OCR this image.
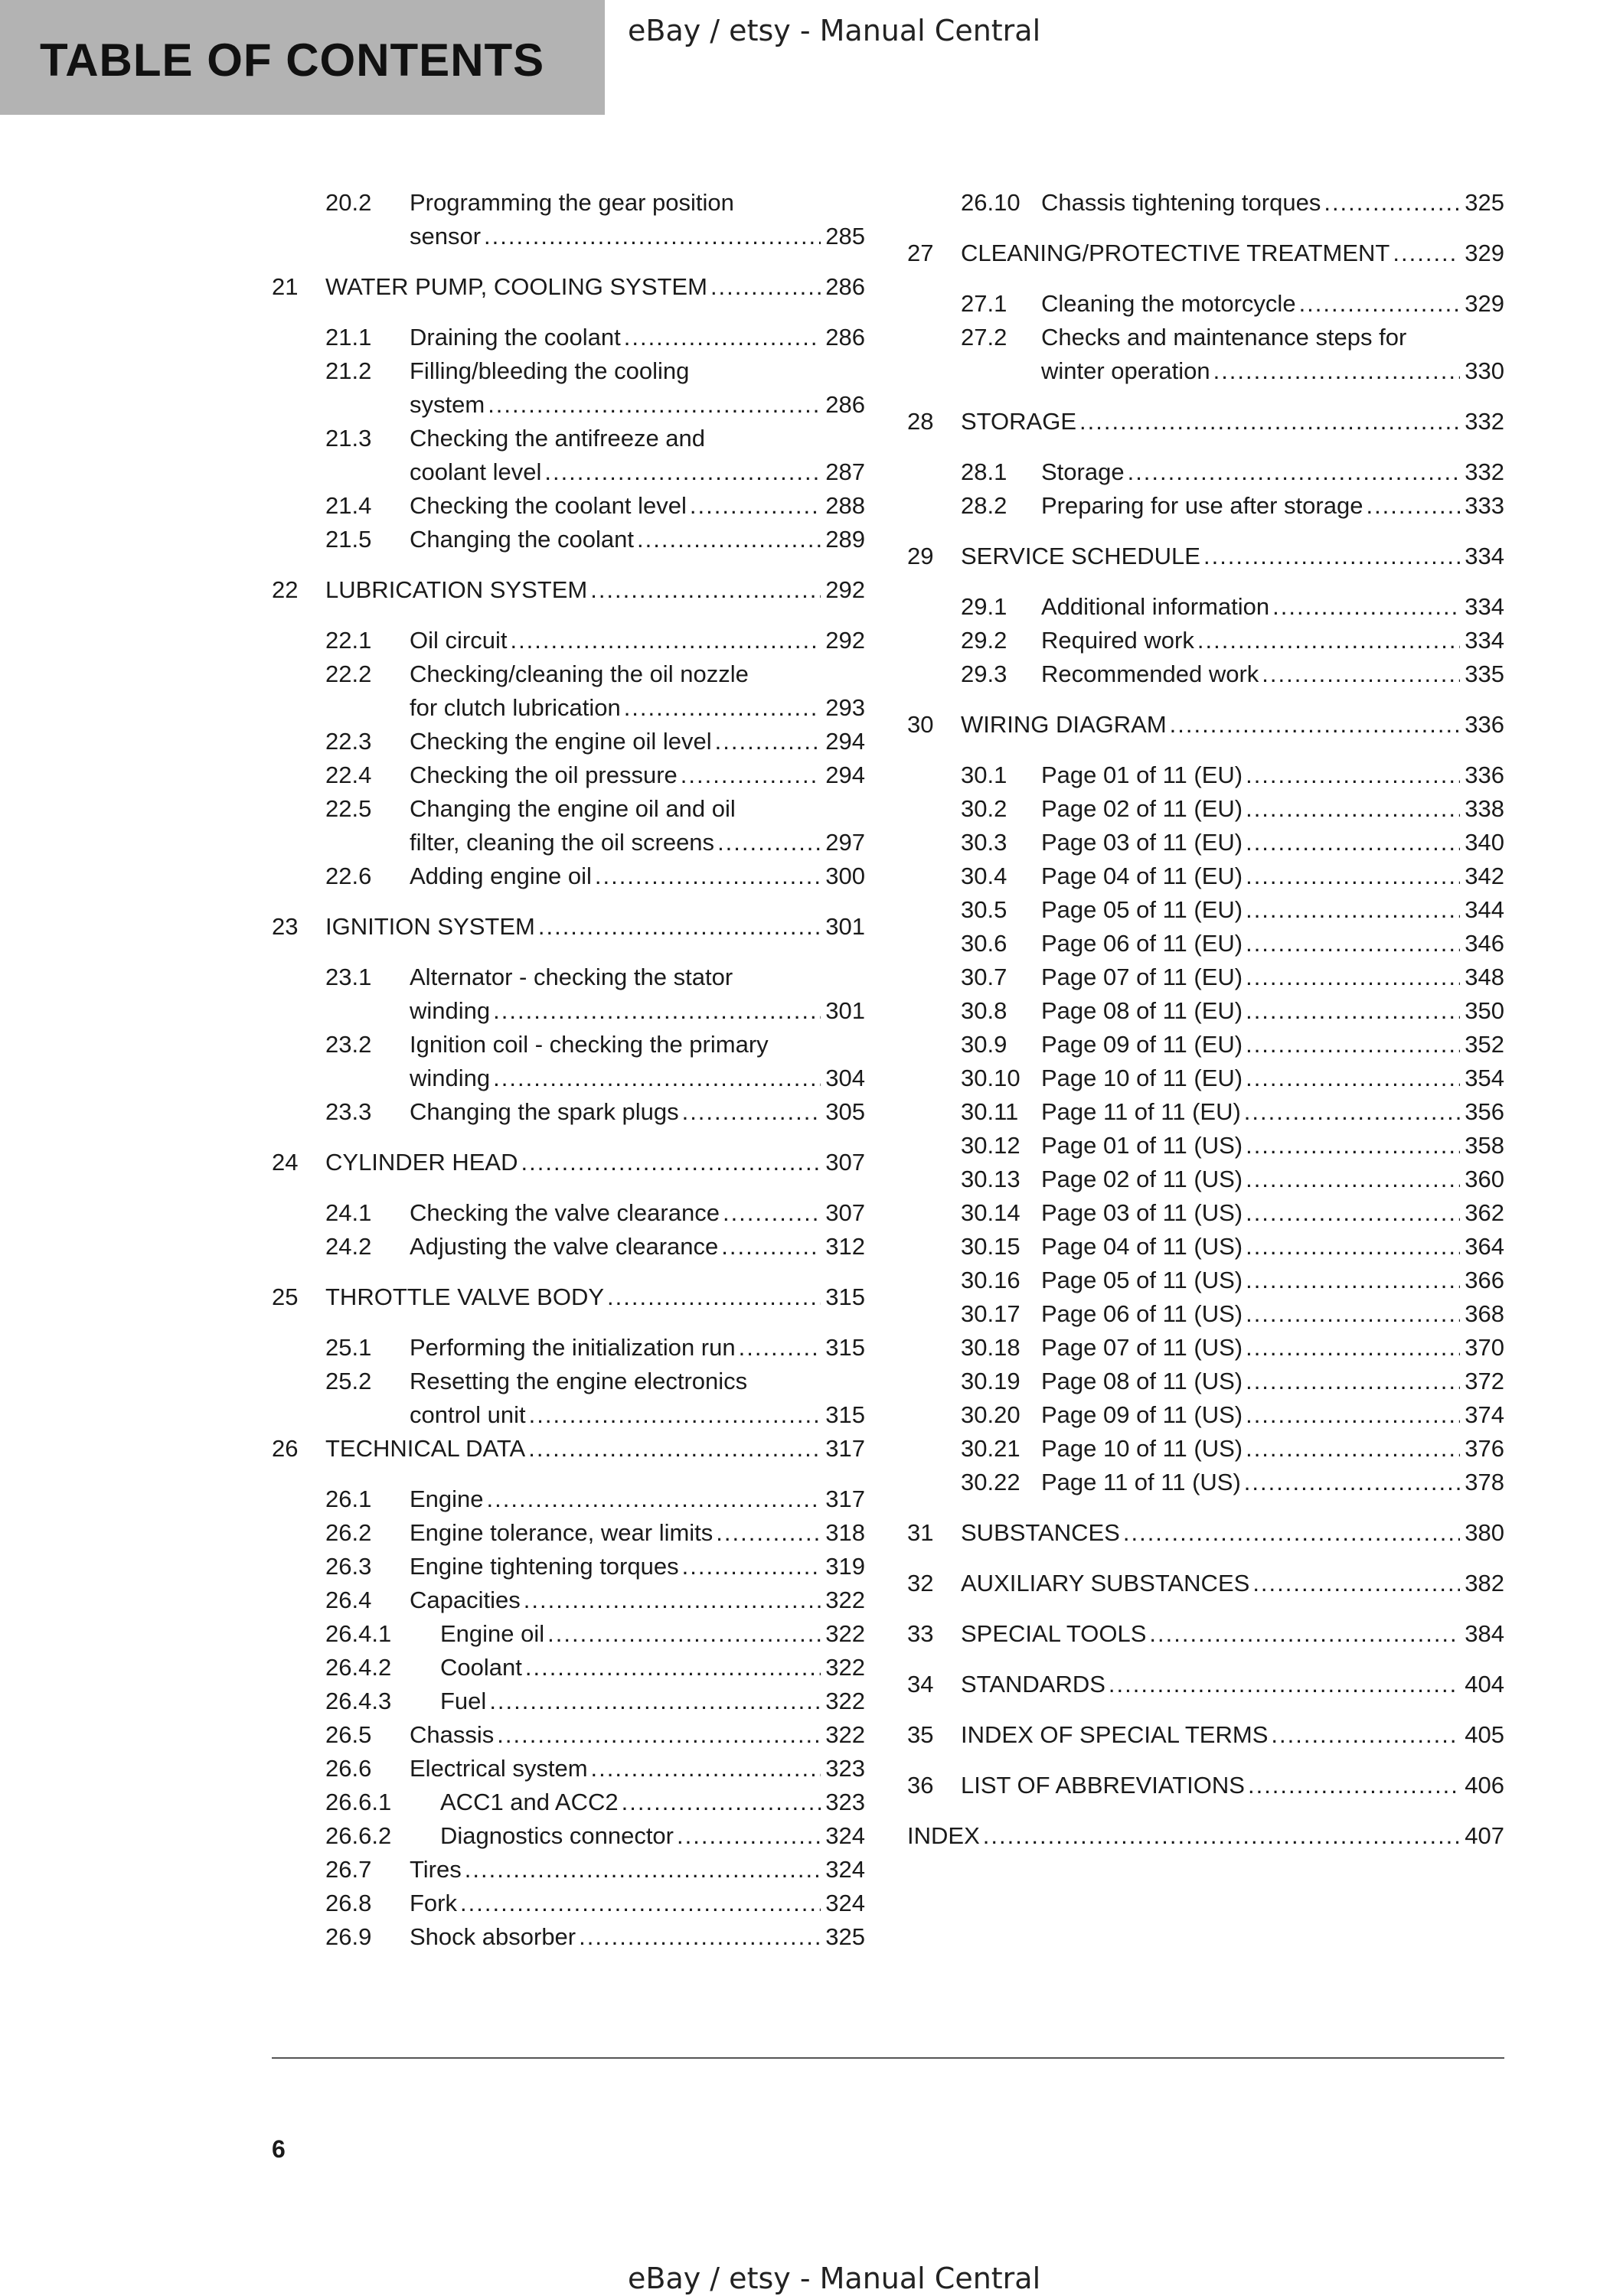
TABLE OF CONTENTS
eBay / etsy - Manual Central
20.2 Programming the gear position
sensor .....	285
21 WATER PUMP, COOLING SYSTEM .....	286
21.1 Draining the coolant .....	286
21.2 Filling/bleeding the cooling
system .....	286
21.3 Checking the antifreeze and
coolant level .....	287
21.4 Checking the coolant level .....	288
21.5 Changing the coolant .....	289
22 LUBRICATION SYSTEM .....	292
22.1 Oil circuit .....	292
22.2 Checking/cleaning the oil nozzle
for clutch lubrication .....	293
22.3 Checking the engine oil level .....	294
22.4 Checking the oil pressure .....	294
22.5 Changing the engine oil and oil
filter, cleaning the oil screens .....	297
22.6 Adding engine oil .....	300
23 IGNITION SYSTEM .....	301
23.1 Alternator - checking the stator
winding .....	301
23.2 Ignition coil - checking the primary
winding .....	304
23.3 Changing the spark plugs .....	305
24 CYLINDER HEAD .....	307
24.1 Checking the valve clearance .....	307
24.2 Adjusting the valve clearance .....	312
25 THROTTLE VALVE BODY .....	315
25.1 Performing the initialization run .....	315
25.2 Resetting the engine electronics
control unit .....	315
26 TECHNICAL DATA .....	317
26.1 Engine .....	317
26.2 Engine tolerance, wear limits .....	318
26.3 Engine tightening torques .....	319
26.4 Capacities .....	322
26.4.1 Engine oil .....	322
26.4.2 Coolant .....	322
26.4.3 Fuel .....	322
26.5 Chassis .....	322
26.6 Electrical system .....	323
26.6.1 ACC1 and ACC2 .....	323
26.6.2 Diagnostics connector .....	324
26.7 Tires .....	324
26.8 Fork .....	324
26.9 Shock absorber .....	325
26.10 Chassis tightening torques .....	325
27 CLEANING/PROTECTIVE TREATMENT .....	329
27.1 Cleaning the motorcycle .....	329
27.2 Checks and maintenance steps for
winter operation .....	330
28 STORAGE .....	332
28.1 Storage .....	332
28.2 Preparing for use after storage .....	333
29 SERVICE SCHEDULE .....	334
29.1 Additional information .....	334
29.2 Required work .....	334
29.3 Recommended work .....	335
30 WIRING DIAGRAM .....	336
30.1 Page 01 of 11 (EU) .....	336
30.2 Page 02 of 11 (EU) .....	338
30.3 Page 03 of 11 (EU) .....	340
30.4 Page 04 of 11 (EU) .....	342
30.5 Page 05 of 11 (EU) .....	344
30.6 Page 06 of 11 (EU) .....	346
30.7 Page 07 of 11 (EU) .....	348
30.8 Page 08 of 11 (EU) .....	350
30.9 Page 09 of 11 (EU) .....	352
30.10 Page 10 of 11 (EU) .....	354
30.11 Page 11 of 11 (EU) .....	356
30.12 Page 01 of 11 (US) .....	358
30.13 Page 02 of 11 (US) .....	360
30.14 Page 03 of 11 (US) .....	362
30.15 Page 04 of 11 (US) .....	364
30.16 Page 05 of 11 (US) .....	366
30.17 Page 06 of 11 (US) .....	368
30.18 Page 07 of 11 (US) .....	370
30.19 Page 08 of 11 (US) .....	372
30.20 Page 09 of 11 (US) .....	374
30.21 Page 10 of 11 (US) .....	376
30.22 Page 11 of 11 (US) .....	378
31 SUBSTANCES .....	380
32 AUXILIARY SUBSTANCES .....	382
33 SPECIAL TOOLS .....	384
34 STANDARDS .....	404
35 INDEX OF SPECIAL TERMS .....	405
36 LIST OF ABBREVIATIONS .....	406
INDEX .....	407
6
eBay / etsy - Manual Central
